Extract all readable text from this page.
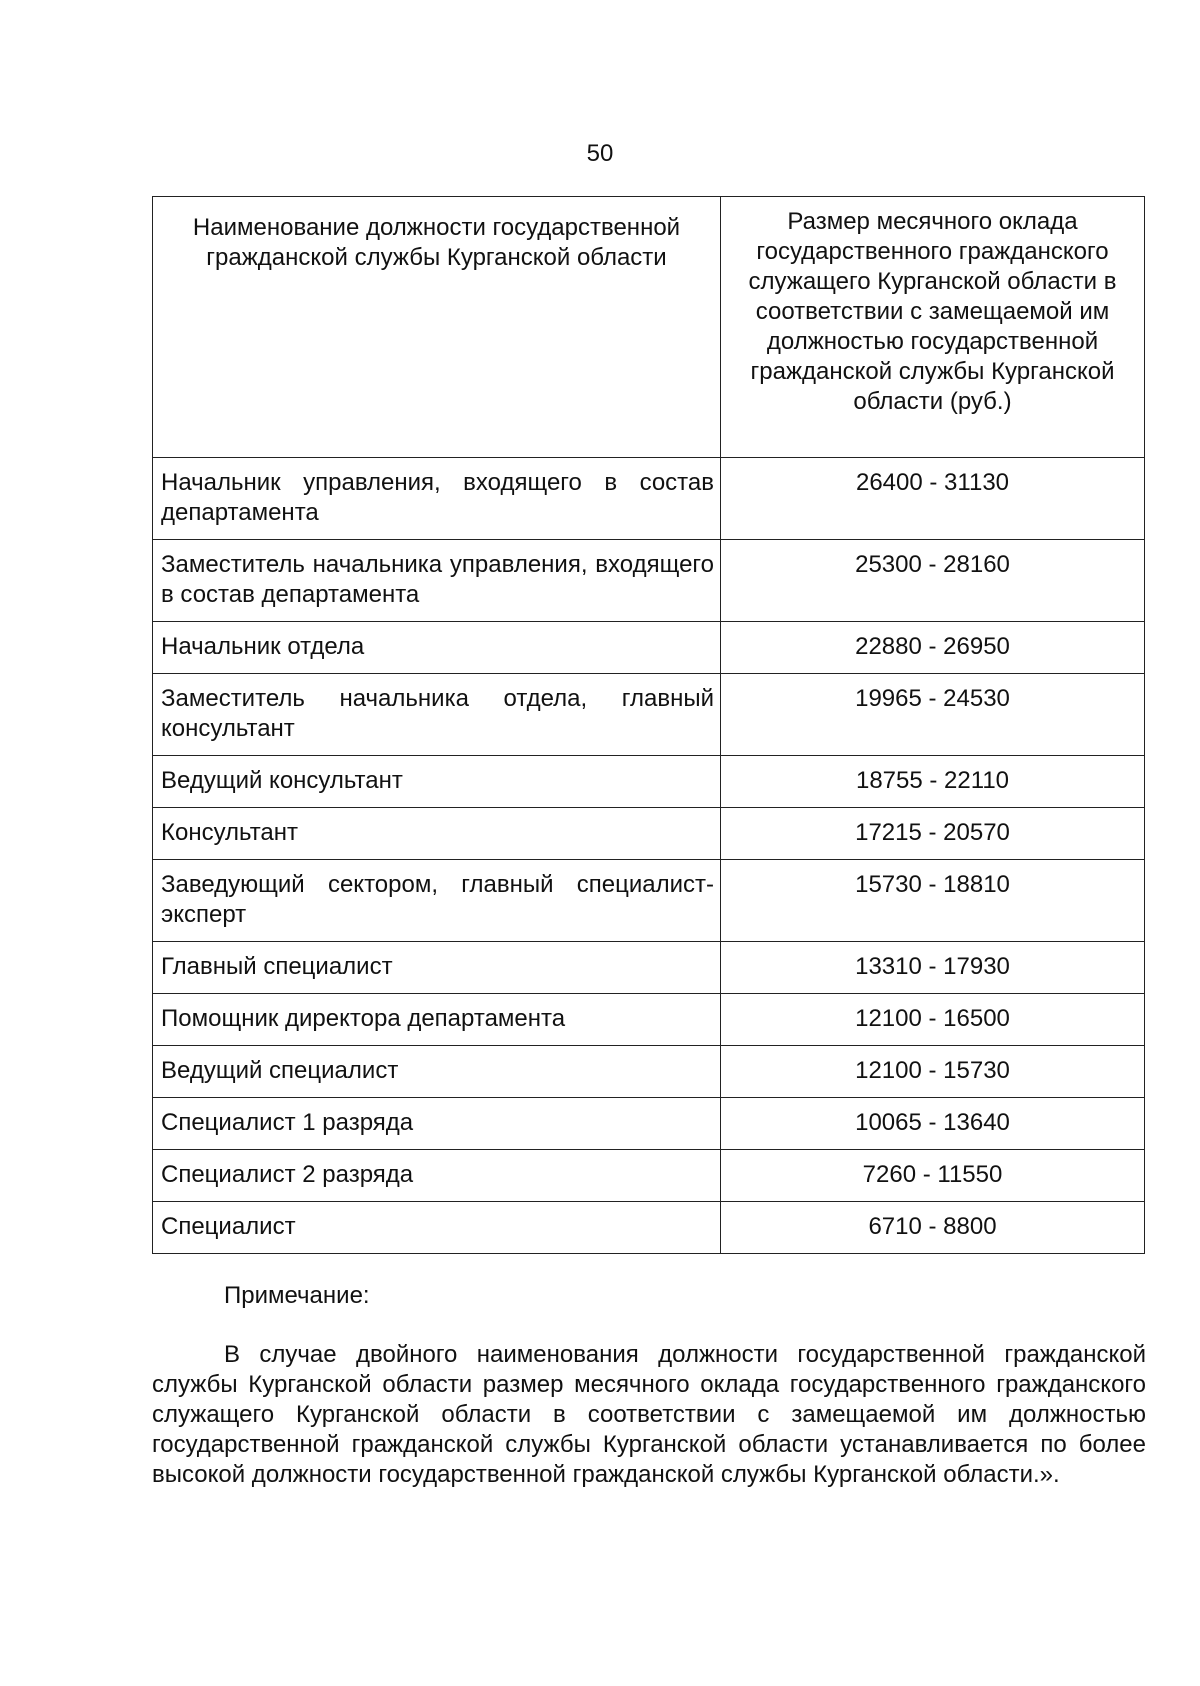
50
Наименование должности государственной гражданской службы Курганской области	Размер месячного оклада государственного гражданского служащего Курганской области в соответствии с замещаемой им должностью государственной гражданской службы Курганской области (руб.)
Начальник управления, входящего в состав департамента	26400 - 31130
Заместитель начальника управления, входящего в состав департамента	25300 - 28160
Начальник отдела	22880 - 26950
Заместитель начальника отдела, главный консультант	19965 - 24530
Ведущий консультант	18755 - 22110
Консультант	17215 - 20570
Заведующий сектором, главный специалист-эксперт	15730 - 18810
Главный специалист	13310 - 17930
Помощник директора департамента	12100 - 16500
Ведущий специалист	12100 - 15730
Специалист 1 разряда	10065 - 13640
Специалист 2 разряда	7260 - 11550
Специалист	6710 - 8800
Примечание:
В случае двойного наименования должности государственной гражданской службы Курганской области размер месячного оклада государственного гражданского служащего Курганской области в соответствии с замещаемой им должностью государственной гражданской службы Курганской области устанавливается по более высокой должности государственной гражданской службы Курганской области.».
